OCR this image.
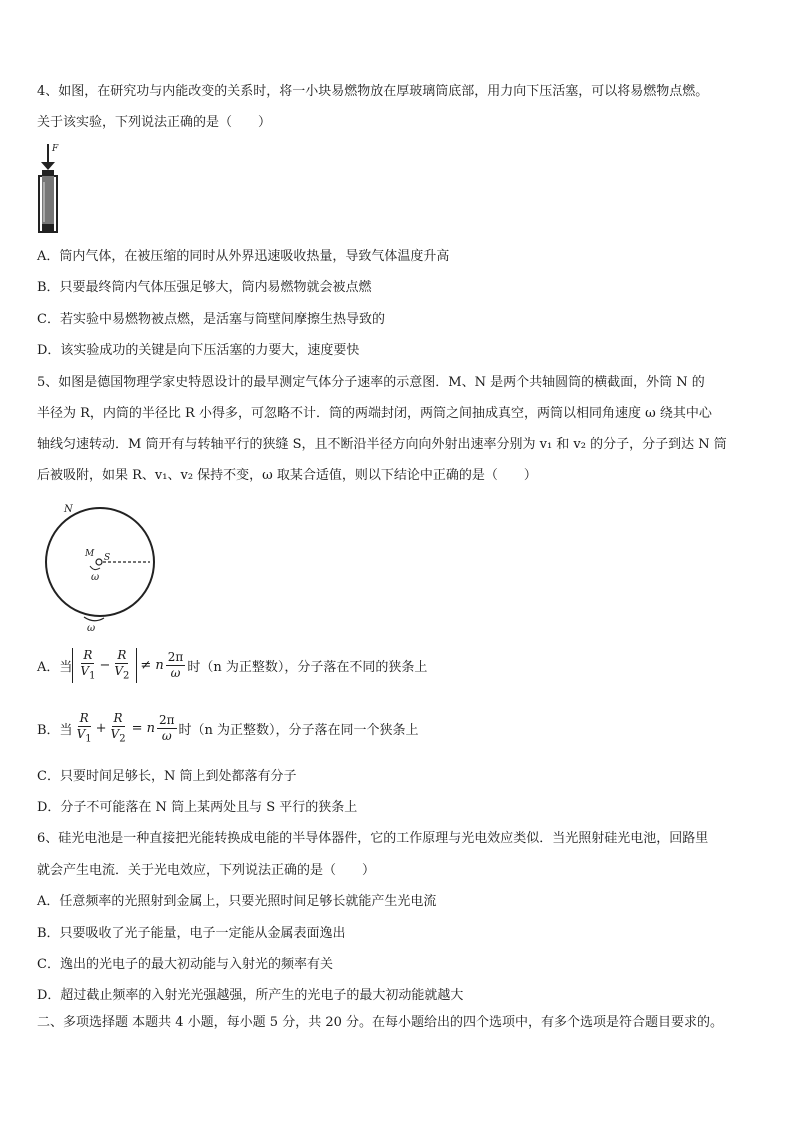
4、如图，在研究功与内能改变的关系时，将一小块易燃物放在厚玻璃筒底部，用力向下压活塞，可以将易燃物点燃。
关于该实验，下列说法正确的是（　　）
F
A．筒内气体，在被压缩的同时从外界迅速吸收热量，导致气体温度升高
B．只要最终筒内气体压强足够大，筒内易燃物就会被点燃
C．若实验中易燃物被点燃，是活塞与筒壁间摩擦生热导致的
D．该实验成功的关键是向下压活塞的力要大，速度要快
5、如图是德国物理学家史特恩设计的最早测定气体分子速率的示意图．M、N 是两个共轴圆筒的横截面，外筒 N 的
半径为 R，内筒的半径比 R 小得多，可忽略不计．筒的两端封闭，两筒之间抽成真空，两筒以相同角速度 ω 绕其中心
轴线匀速转动．M 筒开有与转轴平行的狭缝 S，且不断沿半径方向向外射出速率分别为 v₁ 和 v₂ 的分子，分子到达 N 筒
后被吸附，如果 R、v₁、v₂ 保持不变，ω 取某合适值，则以下结论中正确的是（　　）
N
M S
ω
ω
A．当 $\frac{R}{V_1} - \frac{R}{V_2} \ne n \frac{2\pi}{\omega}$ 时（n 为正整数），分子落在不同的狭条上
B．当 $\frac{R}{V_1} + \frac{R}{V_2} = n \frac{2\pi}{\omega}$ 时（n 为正整数），分子落在同一个狭条上
C．只要时间足够长，N 筒上到处都落有分子
D．分子不可能落在 N 筒上某两处且与 S 平行的狭条上
6、硅光电池是一种直接把光能转换成电能的半导体器件，它的工作原理与光电效应类似．当光照射硅光电池，回路里
就会产生电流．关于光电效应，下列说法正确的是（　　）
A．任意频率的光照射到金属上，只要光照时间足够长就能产生光电流
B．只要吸收了光子能量，电子一定能从金属表面逸出
C．逸出的光电子的最大初动能与入射光的频率有关
D．超过截止频率的入射光光强越强，所产生的光电子的最大初动能就越大
二、多项选择题 本题共 4 小题，每小题 5 分，共 20 分。在每小题给出的四个选项中，有多个选项是符合题目要求的。
